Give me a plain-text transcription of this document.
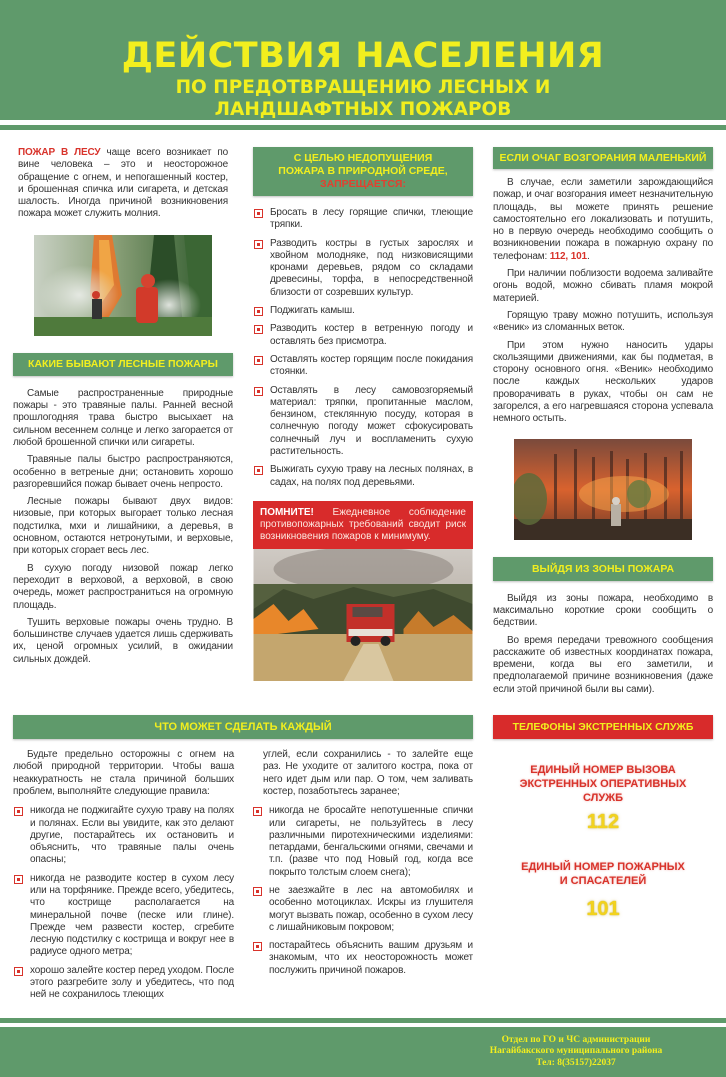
ДЕЙСТВИЯ НАСЕЛЕНИЯ
ПО ПРЕДОТВРАЩЕНИЮ ЛЕСНЫХ И
ЛАНДШАФТНЫХ ПОЖАРОВ
ПОЖАР В ЛЕСУ чаще всего возникает по вине человека – это и неосторожное обращение с огнем, и непогашенный костер, и брошенная спичка или сигарета, и детская шалость. Иногда причиной возникновения пожара может служить молния.
КАКИЕ БЫВАЮТ ЛЕСНЫЕ ПОЖАРЫ

Самые распространенные природные пожары - это травяные палы. Ранней весной прошлогодняя трава быстро высыхает на сильном весеннем солнце и легко загорается от любой брошенной спички или сигареты.

Травяные палы быстро распространяются, особенно в ветреные дни; остановить хорошо разгоревшийся пожар бывает очень непросто.

Лесные пожары бывают двух видов: низовые, при которых выгорает только лесная подстилка, мхи и лишайники, а деревья, в основном, остаются нетронутыми, и верховые, при которых сгорает весь лес.

В сухую погоду низовой пожар легко переходит в верховой, а верховой, в свою очередь, может распространиться на огромную площадь.

Тушить верховые пожары очень трудно. В большинстве случаев удается лишь сдерживать их, ценой огромных усилий, в ожидании сильных дождей.

С ЦЕЛЬЮ НЕДОПУЩЕНИЯ
ПОЖАРА В ПРИРОДНОЙ СРЕДЕ,
ЗАПРЕЩАЕТСЯ:
Бросать в лесу горящие спички, тлеющие тряпки.
Разводить костры в густых зарослях и хвойном молодняке, под низковисящими кронами деревьев, рядом со складами древесины, торфа, в непосредственной близости от созревших культур.
Поджигать камыш.
Разводить костер в ветренную погоду и оставлять без присмотра.
Оставлять костер горящим после покидания стоянки.
Оставлять в лесу самовозгоряемый материал: тряпки, пропитанные маслом, бензином, стеклянную посуду, которая в солнечную погоду может сфокусировать солнечный луч и воспламенить сухую растительность.
Выжигать сухую траву на лесных полянах, в садах, на полях под деревьями.
ПОМНИТЕ! Ежедневное соблюдение противопожарных требований сводит риск возникновения пожаров к минимуму.
ЕСЛИ ОЧАГ ВОЗГОРАНИЯ МАЛЕНЬКИЙ

В случае, если заметили зарождающийся пожар, и очаг возгорания имеет незначительную площадь, вы можете принять решение самостоятельно его локализовать и потушить, но в первую очередь необходимо сообщить о возникновении пожара в пожарную охрану по телефонам: 112, 101.

При наличии поблизости водоема заливайте огонь водой, можно сбивать пламя мокрой материей.

Горящую траву можно потушить, используя «веник» из сломанных веток.

При этом нужно наносить удары скользящими движениями, как бы подметая, в сторону основного огня. «Веник» необходимо после каждых нескольких ударов проворачивать в руках, чтобы он сам не загорелся, а его нагревшаяся сторона успевала немного остыть.

ВЫЙДЯ ИЗ ЗОНЫ ПОЖАРА

Выйдя из зоны пожара, необходимо в максимально короткие сроки сообщить о бедствии.

Во время передачи тревожного сообщения расскажите об известных координатах пожара, времени, когда вы его заметили, и предполагаемой причине возникновения (даже если этой причиной были вы сами).

ЧТО МОЖЕТ СДЕЛАТЬ КАЖДЫЙ

Будьте предельно осторожны с огнем на любой природной территории. Чтобы ваша неаккуратность не стала причиной больших проблем, выполняйте следующие правила:

никогда не поджигайте сухую траву на полях и полянах. Если вы увидите, как это делают другие, постарайтесь их остановить и объяснить, что травяные палы очень опасны;
никогда не разводите костер в сухом лесу или на торфянике. Прежде всего, убедитесь, что кострище располагается на минеральной почве (песке или глине). Прежде чем развести костер, сгребите лесную подстилку с кострища и вокруг нее в радиусе одного метра;
хорошо залейте костер перед уходом. После этого разгребите золу и убедитесь, что под ней не сохранилось тлеющих

углей, если сохранились - то залейте еще раз. Не уходите от залитого костра, пока от него идет дым или пар. О том, чем заливать костер, позаботьтесь заранее;

никогда не бросайте непотушенные спички или сигареты, не пользуйтесь в лесу различными пиротехническими изделиями: петардами, бенгальскими огнями, свечами и т.п. (разве что под Новый год, когда все покрыто толстым слоем снега);
не заезжайте в лес на автомобилях и особенно мотоциклах. Искры из глушителя могут вызвать пожар, особенно в сухом лесу с лишайниковым покровом;
постарайтесь объяснить вашим друзьям и знакомым, что их неосторожность может послужить причиной пожаров.
ТЕЛЕФОНЫ ЭКСТРЕННЫХ СЛУЖБ
ЕДИНЫЙ НОМЕР ВЫЗОВА ЭКСТРЕННЫХ ОПЕРАТИВНЫХ СЛУЖБ
112
ЕДИНЫЙ НОМЕР ПОЖАРНЫХ И СПАСАТЕЛЕЙ
101
Отдел по ГО и ЧС администрации
Нагайбакского муниципального района
Тел: 8(35157)22037
